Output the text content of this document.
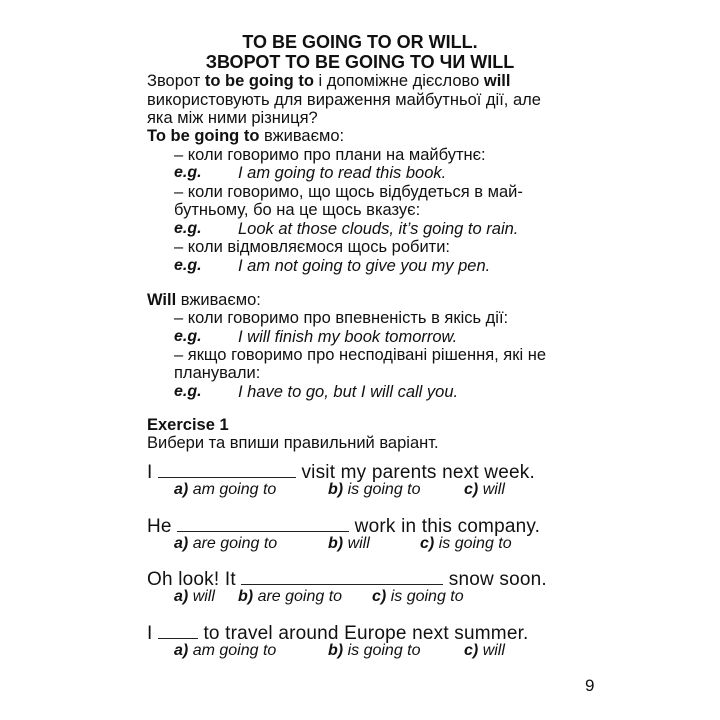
TO BE GOING TO OR WILL.
ЗВОРОТ TO BE GOING TO ЧИ WILL
Зворот to be going to і допоміжне дієслово will
використовують для вираження майбутньої дії, але
яка між ними різниця?
To be going to вживаємо:
– коли говоримо про плани на майбутнє:
e.g. I am going to read this book.
– коли говоримо, що щось відбудеться в май-
бутньому, бо на це щось вказує:
e.g. Look at those clouds, it’s going to rain.
– коли відмовляємося щось робити:
e.g. I am not going to give you my pen.
Will вживаємо:
– коли говоримо про впевненість в якісь дії:
e.g. I will finish my book tomorrow.
– якщо говоримо про несподівані рішення, які не
планували:
e.g. I have to go, but I will call you.
Exercise 1
Вибери та впиши правильний варіант.
I	visit my parents next week.
a) am going to	b) is going to	c) will
He	work in this company.
a) are going to	b) will	c) is going to
Oh look! It	snow soon.
a) will b) are going to c) is going to
I	to travel around Europe next summer.
a) am going to	b) is going to	c) will
9
